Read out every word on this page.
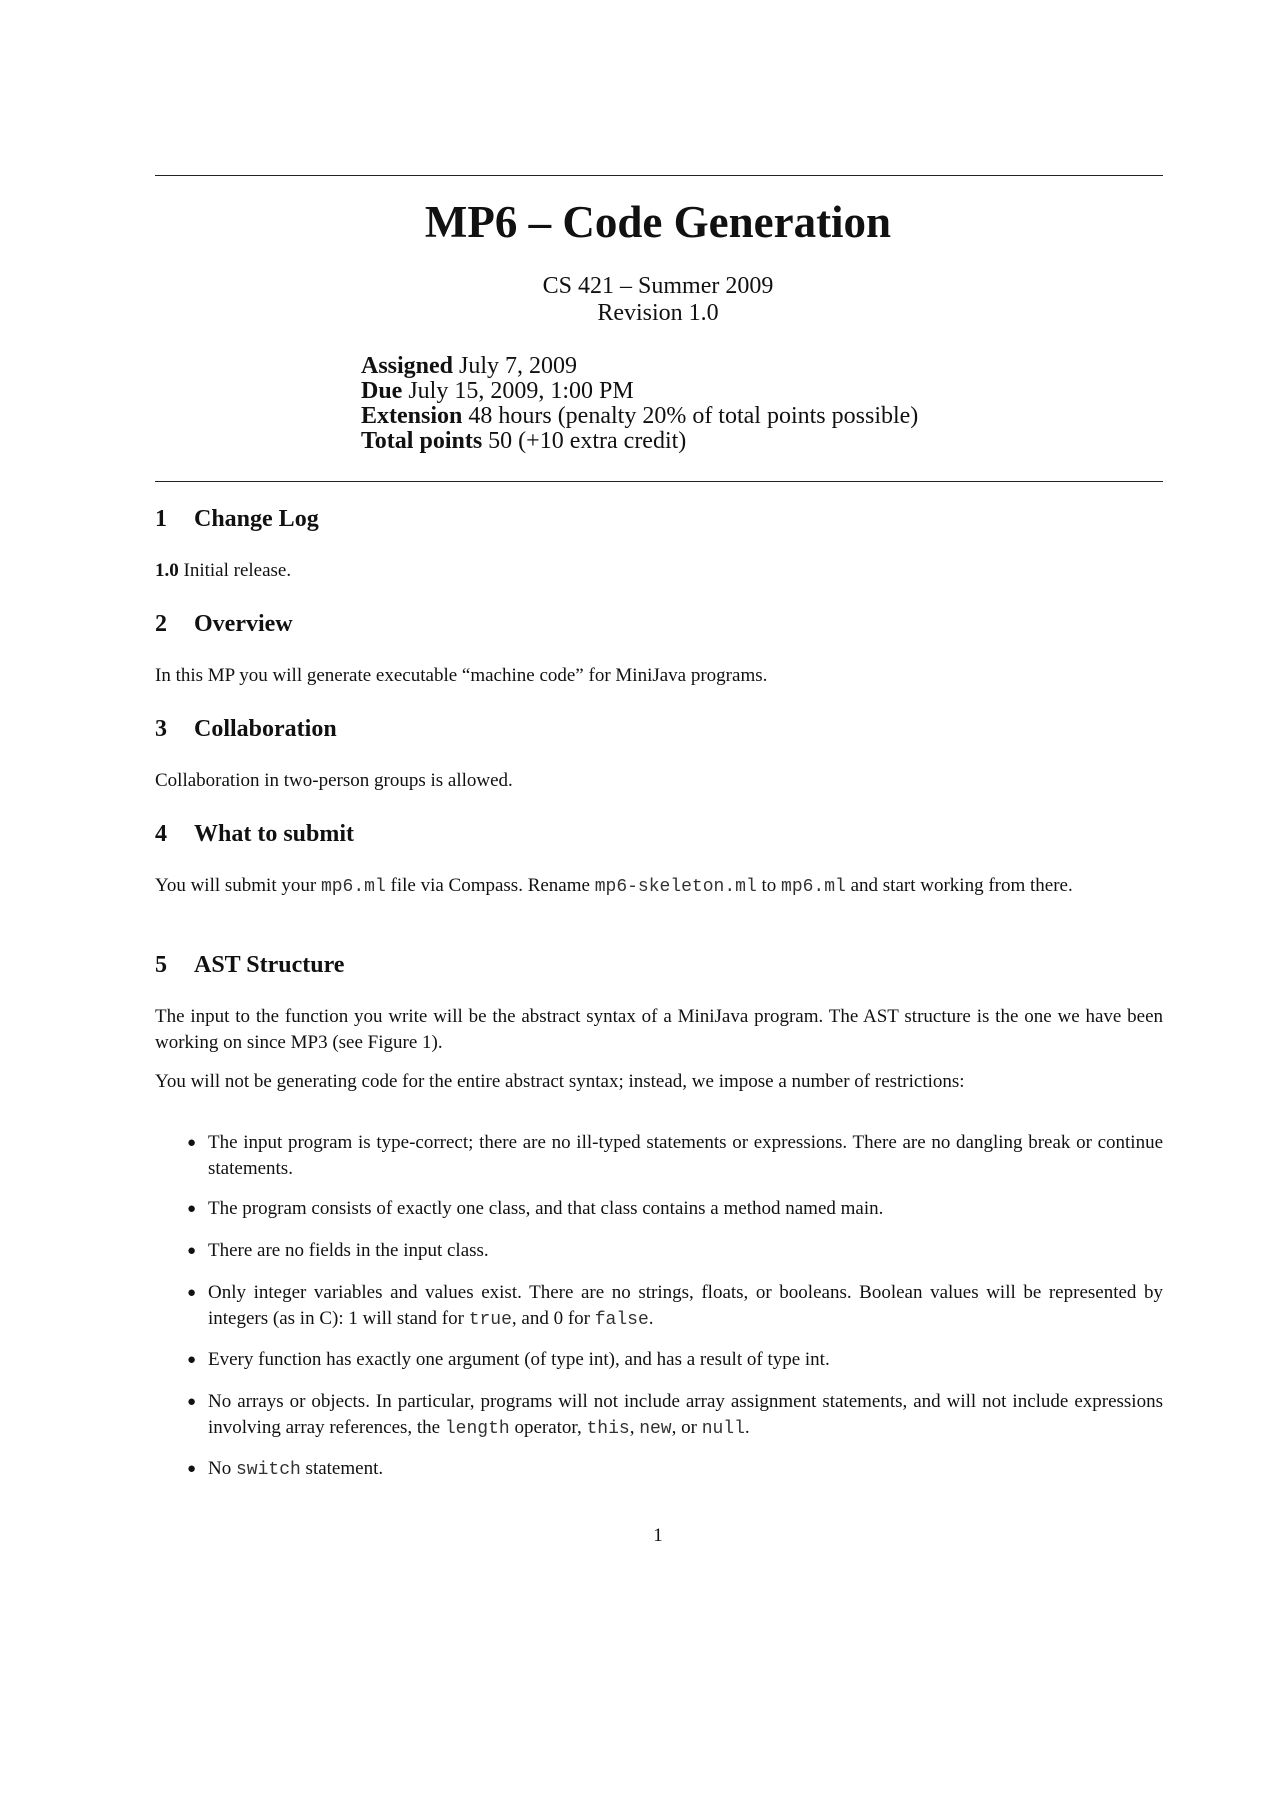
MP6 – Code Generation
CS 421 – Summer 2009
Revision 1.0
Assigned July 7, 2009
Due July 15, 2009, 1:00 PM
Extension 48 hours (penalty 20% of total points possible)
Total points 50 (+10 extra credit)
1 Change Log
1.0 Initial release.
2 Overview
In this MP you will generate executable “machine code” for MiniJava programs.
3 Collaboration
Collaboration in two-person groups is allowed.
4 What to submit
You will submit your mp6.ml file via Compass. Rename mp6-skeleton.ml to mp6.ml and start working from there.
5 AST Structure
The input to the function you write will be the abstract syntax of a MiniJava program. The AST structure is the one we have been working on since MP3 (see Figure 1).
You will not be generating code for the entire abstract syntax; instead, we impose a number of restrictions:
● The input program is type-correct; there are no ill-typed statements or expressions. There are no dangling break or continue statements.
● The program consists of exactly one class, and that class contains a method named main.
● There are no fields in the input class.
● Only integer variables and values exist. There are no strings, floats, or booleans. Boolean values will be represented by integers (as in C): 1 will stand for true, and 0 for false.
● Every function has exactly one argument (of type int), and has a result of type int.
● No arrays or objects. In particular, programs will not include array assignment statements, and will not include expressions involving array references, the length operator, this, new, or null.
● No switch statement.
1
